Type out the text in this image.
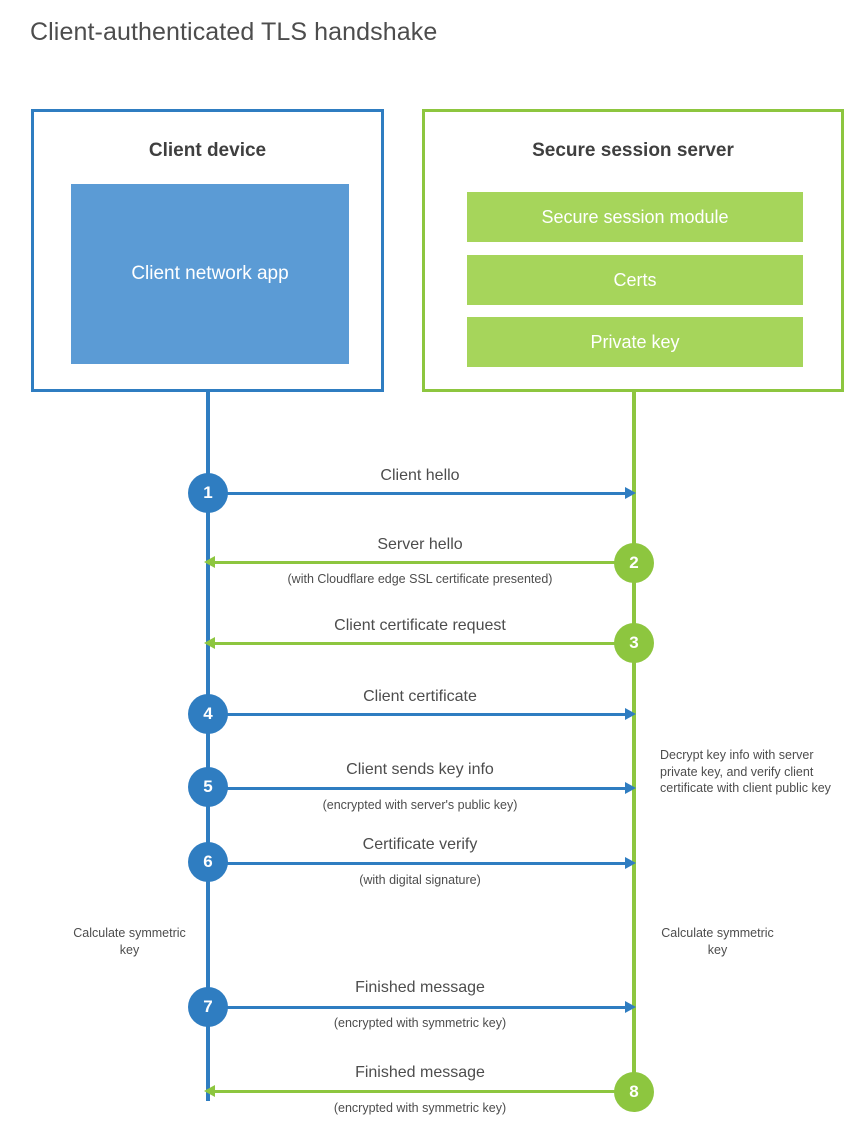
Client-authenticated TLS handshake
Client device
Client network app
Secure session server
Secure session module
Certs
Private key
1
Client hello
2
Server hello
(with Cloudflare edge SSL certificate presented)
3
Client certificate request
4
Client certificate
5
Client sends key info
(encrypted with server's public key)
Decrypt key info with server private key, and verify client certificate with client public key
6
Certificate verify
(with digital signature)
Calculate symmetric key
Calculate symmetric key
7
Finished message
(encrypted with symmetric key)
8
Finished message
(encrypted with symmetric key)
